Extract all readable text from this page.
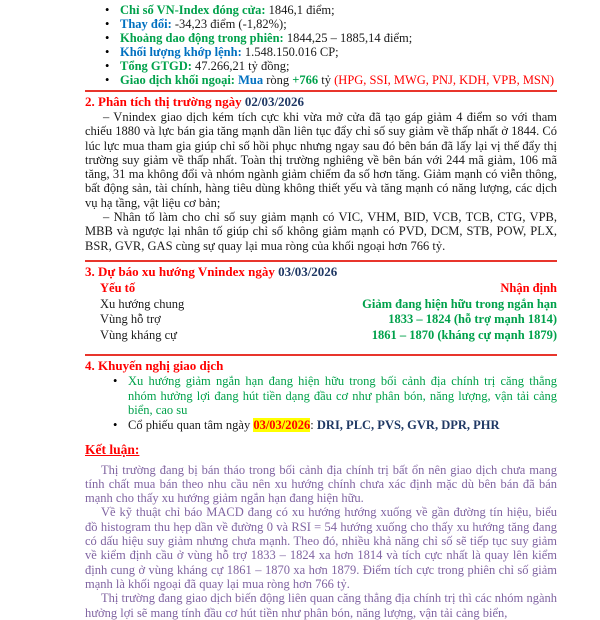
• Chỉ số VN-Index đóng cửa: 1846,1 điểm;
• Thay đổi: -34,23 điểm (-1,82%);
• Khoảng dao động trong phiên: 1844,25 – 1885,14 điểm;
• Khối lượng khớp lệnh: 1.548.150.016 CP;
• Tổng GTGD: 47.266,21 tỷ đồng;
• Giao dịch khối ngoại: Mua ròng +766 tỷ (HPG, SSI, MWG, PNJ, KDH, VPB, MSN)
2. Phân tích thị trường ngày 02/03/2026

– Vnindex giao dịch kém tích cực khi vừa mở cửa đã tạo gáp giảm 4 điểm so với tham chiếu 1880 và lực bán gia tăng mạnh dần liên tục đẩy chỉ số suy giảm về thấp nhất ở 1844. Có lúc lực mua tham gia giúp chỉ số hồi phục nhưng ngay sau đó bên bán đã lấy lại vị thế đẩy thị trường suy giảm về thấp nhất. Toàn thị trường nghiêng về bên bán với 244 mã giảm, 106 mã tăng, 31 ma không đổi và nhóm ngành giảm chiếm đa số hơn tăng. Giảm mạnh có viễn thông, bất động sản, tài chính, hàng tiêu dùng không thiết yếu và tăng mạnh có năng lượng, các dịch vụ hạ tầng, vật liệu cơ bản;

– Nhân tố làm cho chỉ số suy giảm mạnh có VIC, VHM, BID, VCB, TCB, CTG, VPB, MBB và ngược lại nhân tố giúp chỉ số không giảm mạnh có PVD, DCM, STB, POW, PLX, BSR, GVR, GAS cùng sự quay lại mua ròng của khối ngoại hơn 766 tỷ.

3. Dự báo xu hướng Vnindex ngày 03/03/2026
Yếu tố	Nhận định
Xu hướng chung	Giảm đang hiện hữu trong ngắn hạn
Vùng hỗ trợ	1833 – 1824 (hỗ trợ mạnh 1814)
Vùng kháng cự	1861 – 1870 (kháng cự mạnh 1879)
4. Khuyến nghị giao dịch
• Xu hướng giảm ngắn hạn đang hiện hữu trong bối cảnh địa chính trị căng thẳng nhóm hưởng lợi đang hút tiền dạng đầu cơ như phân bón, năng lượng, vận tải cảng biển, cao su
• Cổ phiếu quan tâm ngày 03/03/2026: DRI, PLC, PVS, GVR, DPR, PHR
Kết luận:

Thị trường đang bị bán tháo trong bối cảnh địa chính trị bất ổn nên giao dịch chưa mang tính chất mua bán theo nhu cầu nên xu hướng chính chưa xác định mặc dù bên bán đã bán mạnh cho thấy xu hướng giảm ngắn hạn đang hiện hữu.

Về kỹ thuật chỉ báo MACD đang có xu hướng hướng xuống về gần đường tín hiệu, biểu đồ histogram thu hẹp dần về đường 0 và RSI = 54 hướng xuống cho thấy xu hướng tăng đang có dấu hiệu suy giảm nhưng chưa mạnh. Theo đó, nhiều khả năng chỉ số sẽ tiếp tục suy giảm về kiểm định cầu ở vùng hỗ trợ 1833 – 1824 xa hơn 1814 và tích cực nhất là quay lên kiểm định cung ở vùng kháng cự 1861 – 1870 xa hơn 1879. Điểm tích cực trong phiên chỉ số giảm mạnh là khối ngoại đã quay lại mua ròng hơn 766 tỷ.

Thị trường đang giao dịch biến động liên quan căng thẳng địa chính trị thì các nhóm ngành hưởng lợi sẽ mang tính đầu cơ hút tiền như phân bón, năng lượng, vận tải cảng biển,
